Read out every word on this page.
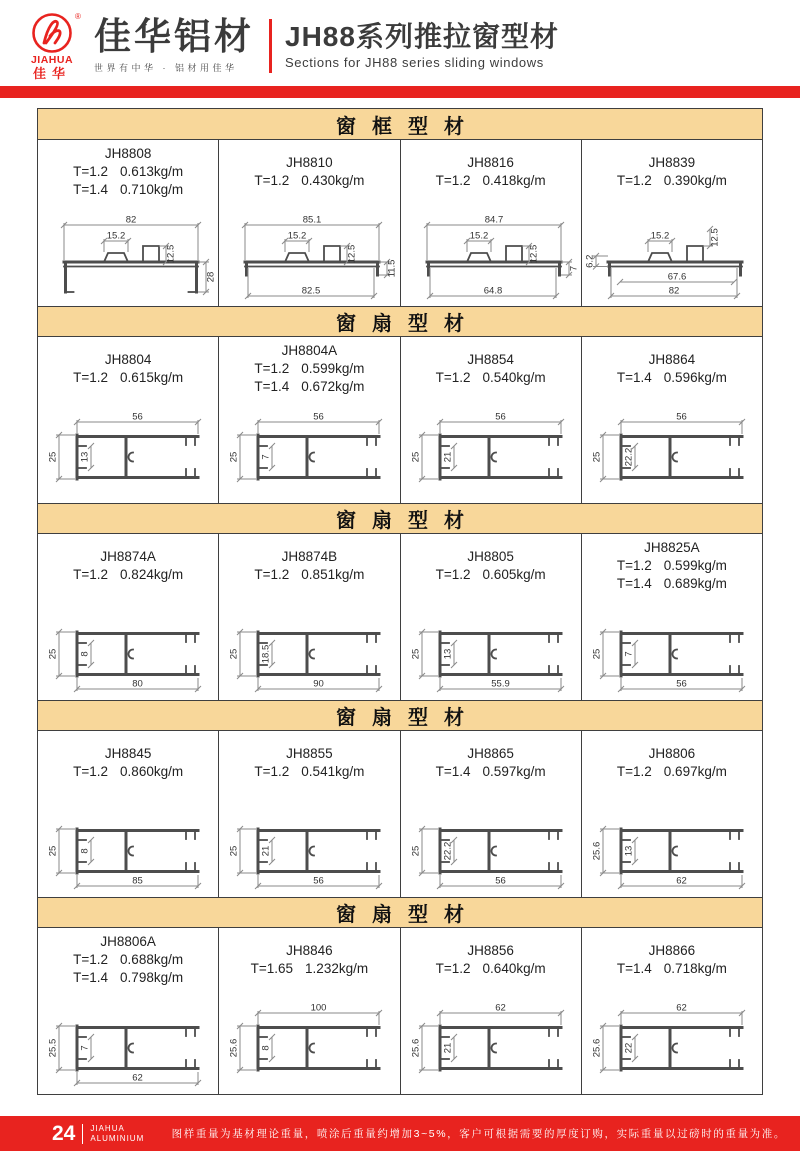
®
JIAHUA
佳华
佳华铝材
世界有中华 · 铝材用佳华
JH88系列推拉窗型材
Sections for JH88 series sliding windows
窗框型材
JH8808
T=1.2 0.613kg/m
T=1.4 0.710kg/m
82
15.2
12.5
28
JH8810
T=1.2 0.430kg/m
85.1
15.2
12.5
11.5
82.5
JH8816
T=1.2 0.418kg/m
84.7
15.2
12.5
7
64.8
JH8839
T=1.2 0.390kg/m
15.2	12.5
6.2
67.6
82
窗扇型材
JH8804
T=1.2 0.615kg/m
25 13
56
JH8804A
T=1.2 0.599kg/m
T=1.4 0.672kg/m
25 7
56
JH8854
T=1.2 0.540kg/m
25 21
56
JH8864
T=1.4 0.596kg/m
25 22.2
56
窗扇型材
JH8874A
T=1.2 0.824kg/m
25 8
80
JH8874B
T=1.2 0.851kg/m
25 18.5
90
JH8805
T=1.2 0.605kg/m
25 13
55.9
JH8825A
T=1.2 0.599kg/m
T=1.4 0.689kg/m
25 7
56
窗扇型材
JH8845
T=1.2 0.860kg/m
25 8
85
JH8855
T=1.2 0.541kg/m
25 21
56
JH8865
T=1.4 0.597kg/m
25 22.2
56
JH8806
T=1.2 0.697kg/m
25.6 13
62
窗扇型材
JH8806A
T=1.2 0.688kg/m
T=1.4 0.798kg/m
25.5 7
62
JH8846
T=1.65 1.232kg/m
25.6 8
100
JH8856
T=1.2 0.640kg/m
25.6 21
62
JH8866
T=1.4 0.718kg/m
25.6 22
62
24 JIAHUA
ALUMINIUM	图样重量为基材理论重量，喷涂后重量约增加3~5%，客户可根据需要的厚度订购，实际重量以过磅时的重量为准。
